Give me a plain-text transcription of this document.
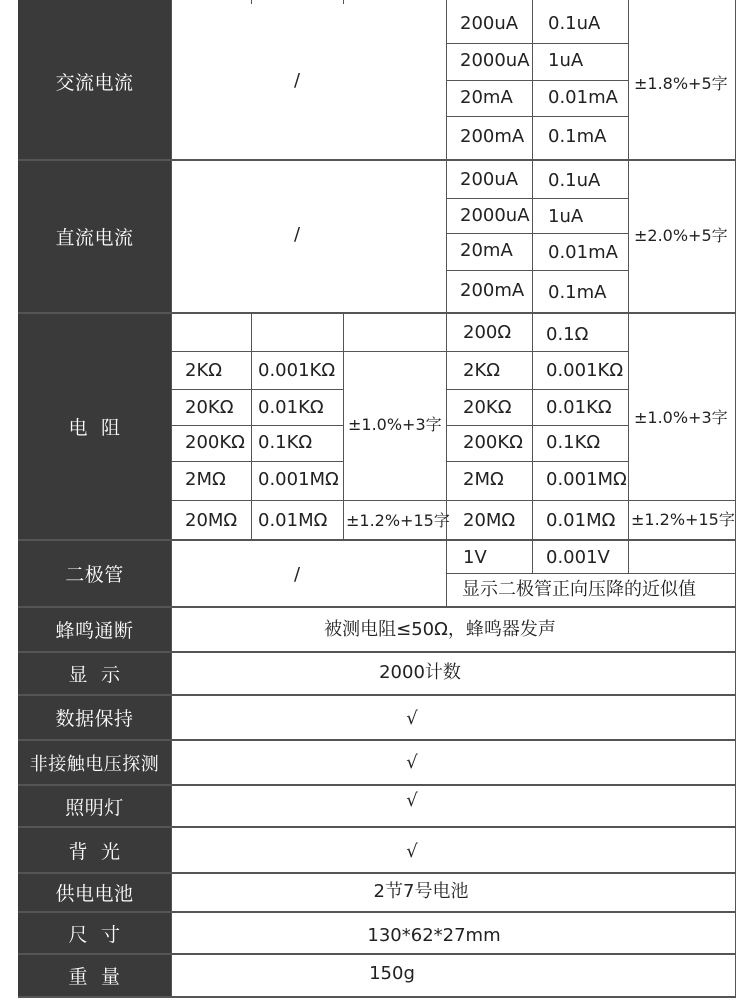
交流电流
直流电流
电  阻
二极管
蜂鸣通断
显  示
数据保持
非接触电压探测
照明灯
背  光
供电电池
尺  寸
重  量
/
200uA 0.1uA
2000uA 1uA
20mA 0.01mA
200mA 0.1mA
±1.8%+5字
/
200uA 0.1uA
2000uA 1uA
20mA 0.01mA
200mA 0.1mA
±2.0%+5字
2KΩ 0.001KΩ
20KΩ 0.01KΩ
200KΩ 0.1KΩ
2MΩ 0.001MΩ
20MΩ 0.01MΩ
±1.0%+3字
±1.2%+15字
200Ω 0.1Ω
2KΩ	0.001KΩ
20KΩ 0.01KΩ
200KΩ 0.1KΩ
2MΩ 0.001MΩ
20MΩ 0.01MΩ
±1.0%+3字
±1.2%+15字
/
1V	0.001V
显示二极管正向压降的近似值
被测电阻≤50Ω，蜂鸣器发声
2000计数
√
√
√
√
2节7号电池
130*62*27mm
150g
